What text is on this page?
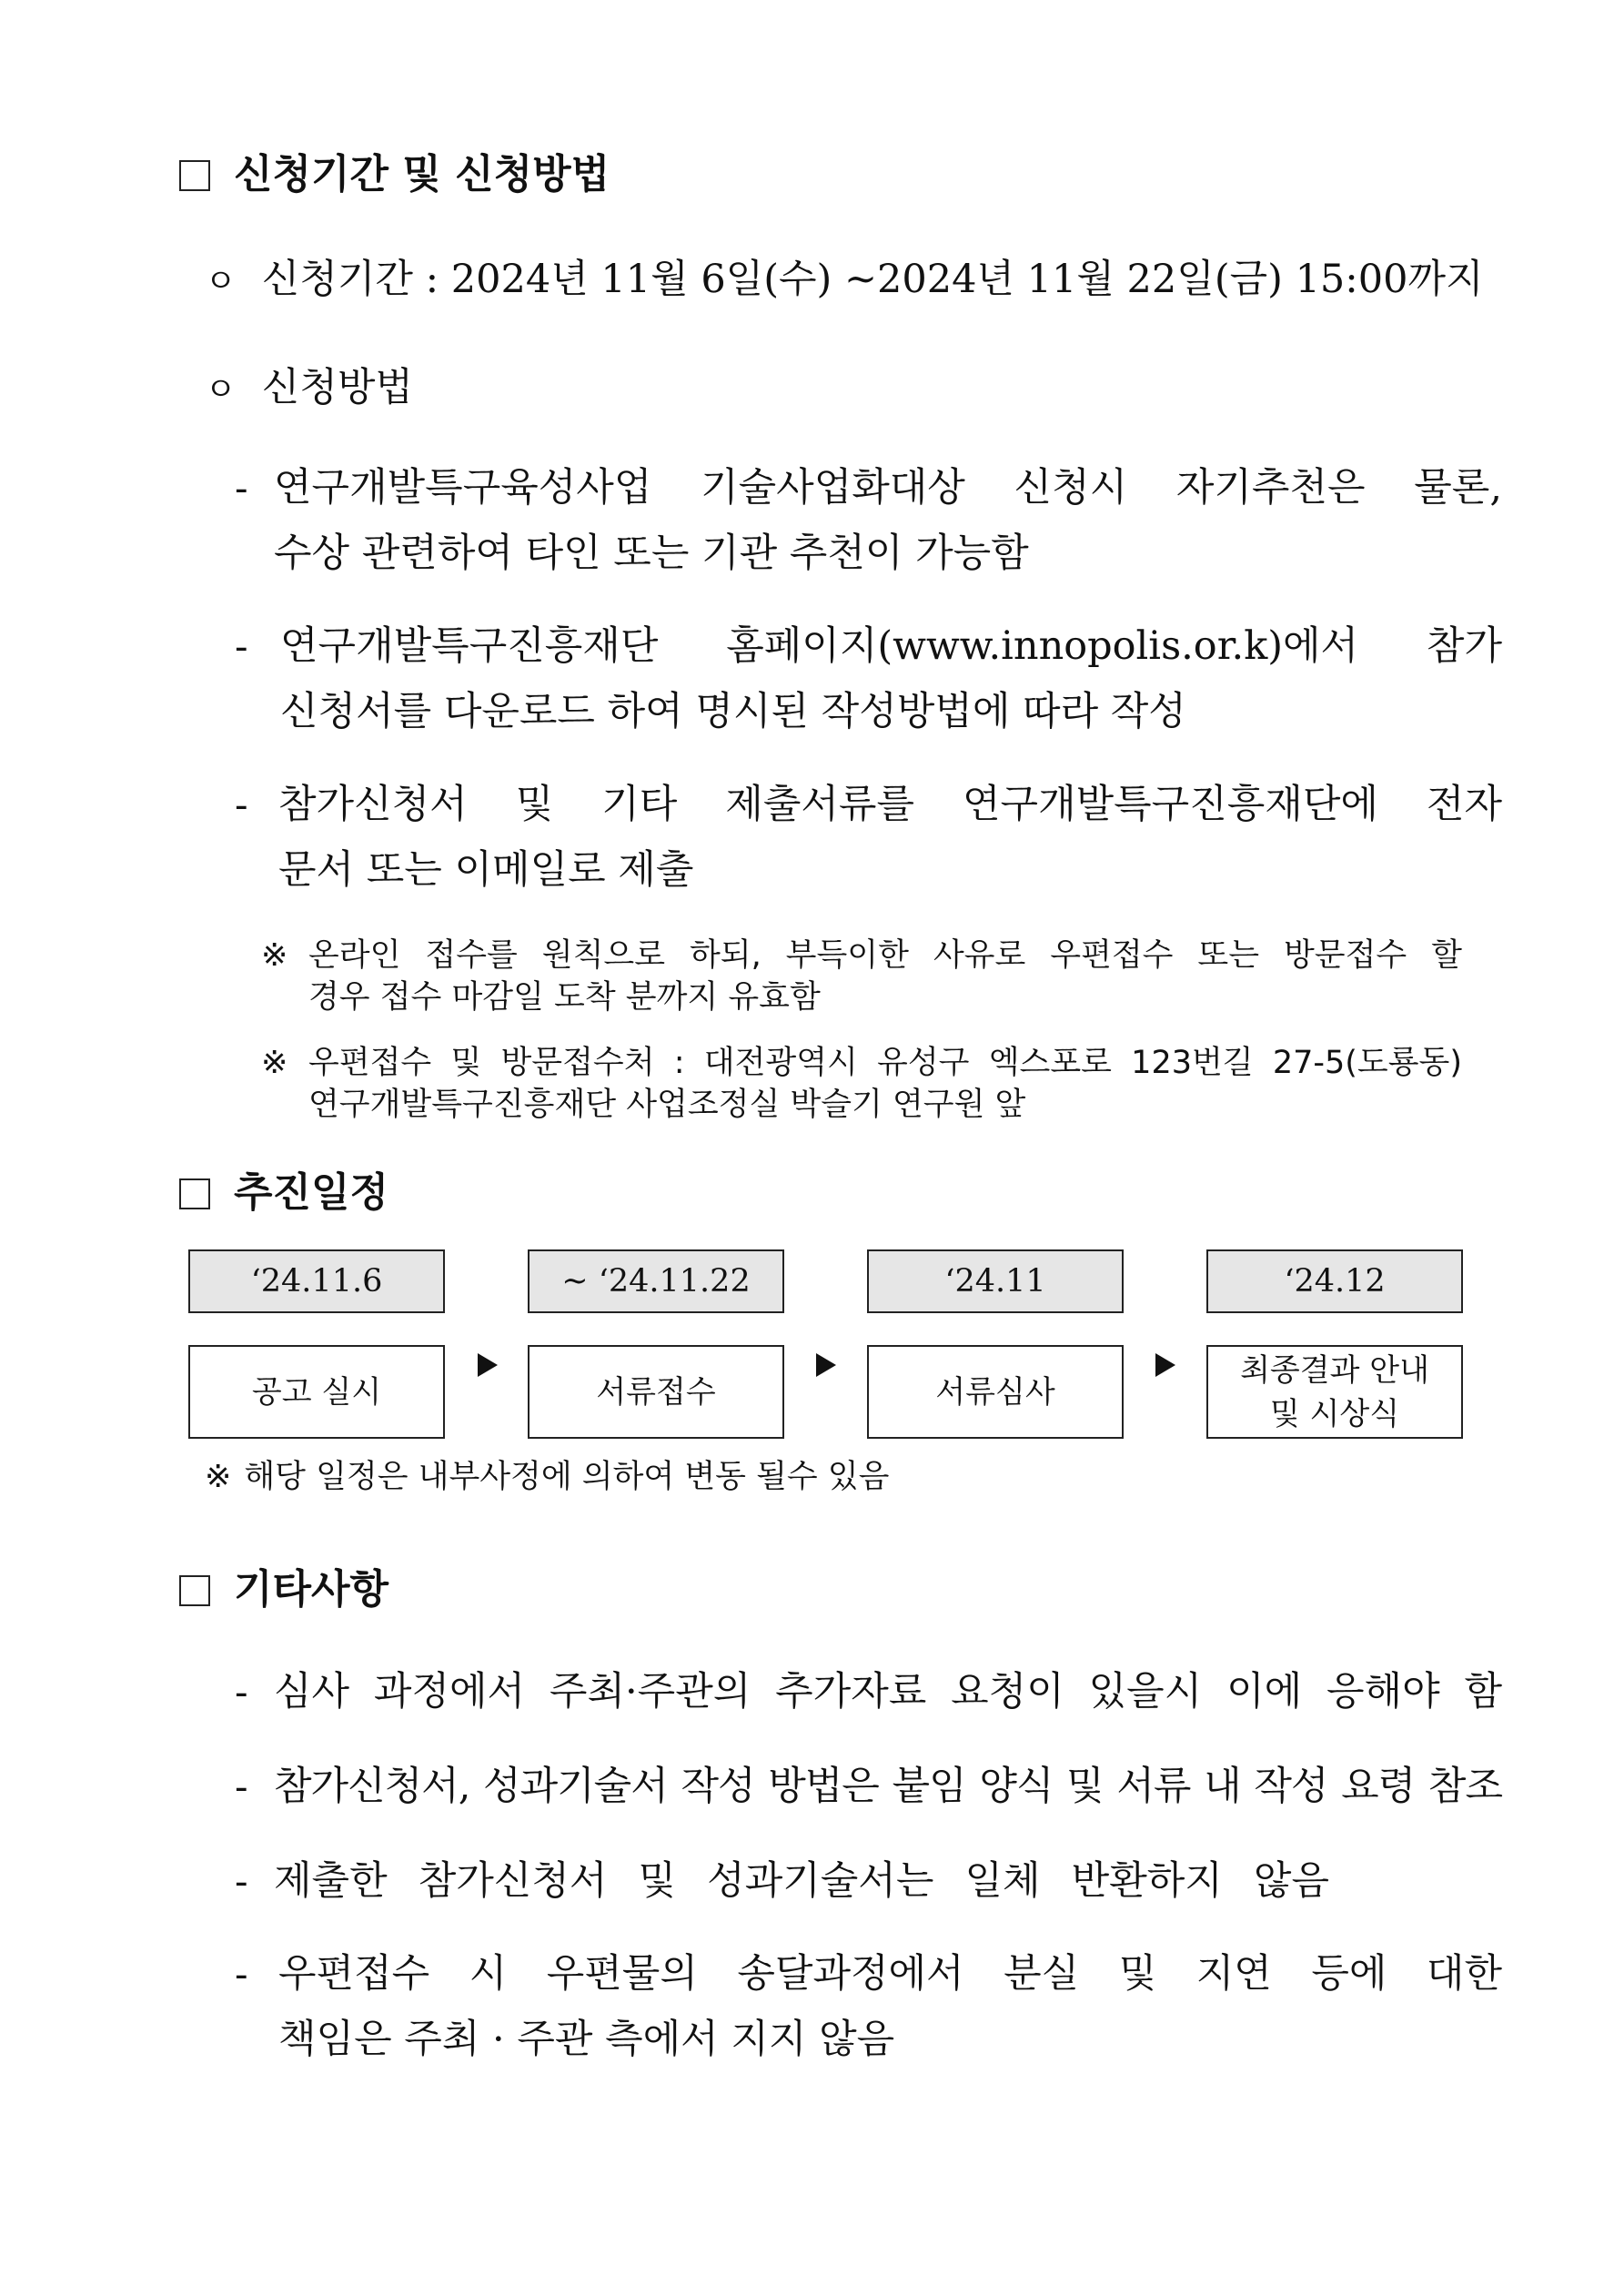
신청기간 및 신청방법
ㅇ 신청기간 : 2024년 11월 6일(수) ~2024년 11월 22일(금) 15:00까지
ㅇ 신청방법
- 연구개발특구육성사업 기술사업화대상 신청시 자기추천은 물론,
수상 관련하여 타인 또는 기관 추천이 가능함
- 연구개발특구진흥재단 홈페이지(www.innopolis.or.k)에서 참가
신청서를 다운로드 하여 명시된 작성방법에 따라 작성
- 참가신청서 및 기타 제출서류를 연구개발특구진흥재단에 전자
문서 또는 이메일로 제출
※ 온라인 접수를 원칙으로 하되, 부득이한 사유로 우편접수 또는 방문접수 할
경우 접수 마감일 도착 분까지 유효함
※ 우편접수 및 방문접수처 : 대전광역시 유성구 엑스포로 123번길 27-5(도룡동)
연구개발특구진흥재단 사업조정실 박슬기 연구원 앞
추진일정
‘24.11.6	~ ‘24.11.22	‘24.11	‘24.12
공고 실시	서류접수	서류심사
최종결과 안내
및 시상식
※ 해당 일정은 내부사정에 의하여 변동 될수 있음
기타사항
- 심사 과정에서 주최·주관의 추가자료 요청이 있을시 이에 응해야 함
- 참가신청서, 성과기술서 작성 방법은 붙임 양식 및 서류 내 작성 요령 참조
- 제출한 참가신청서 및 성과기술서는 일체 반환하지 않음
- 우편접수 시 우편물의 송달과정에서 분실 및 지연 등에 대한
책임은 주최 · 주관 측에서 지지 않음
